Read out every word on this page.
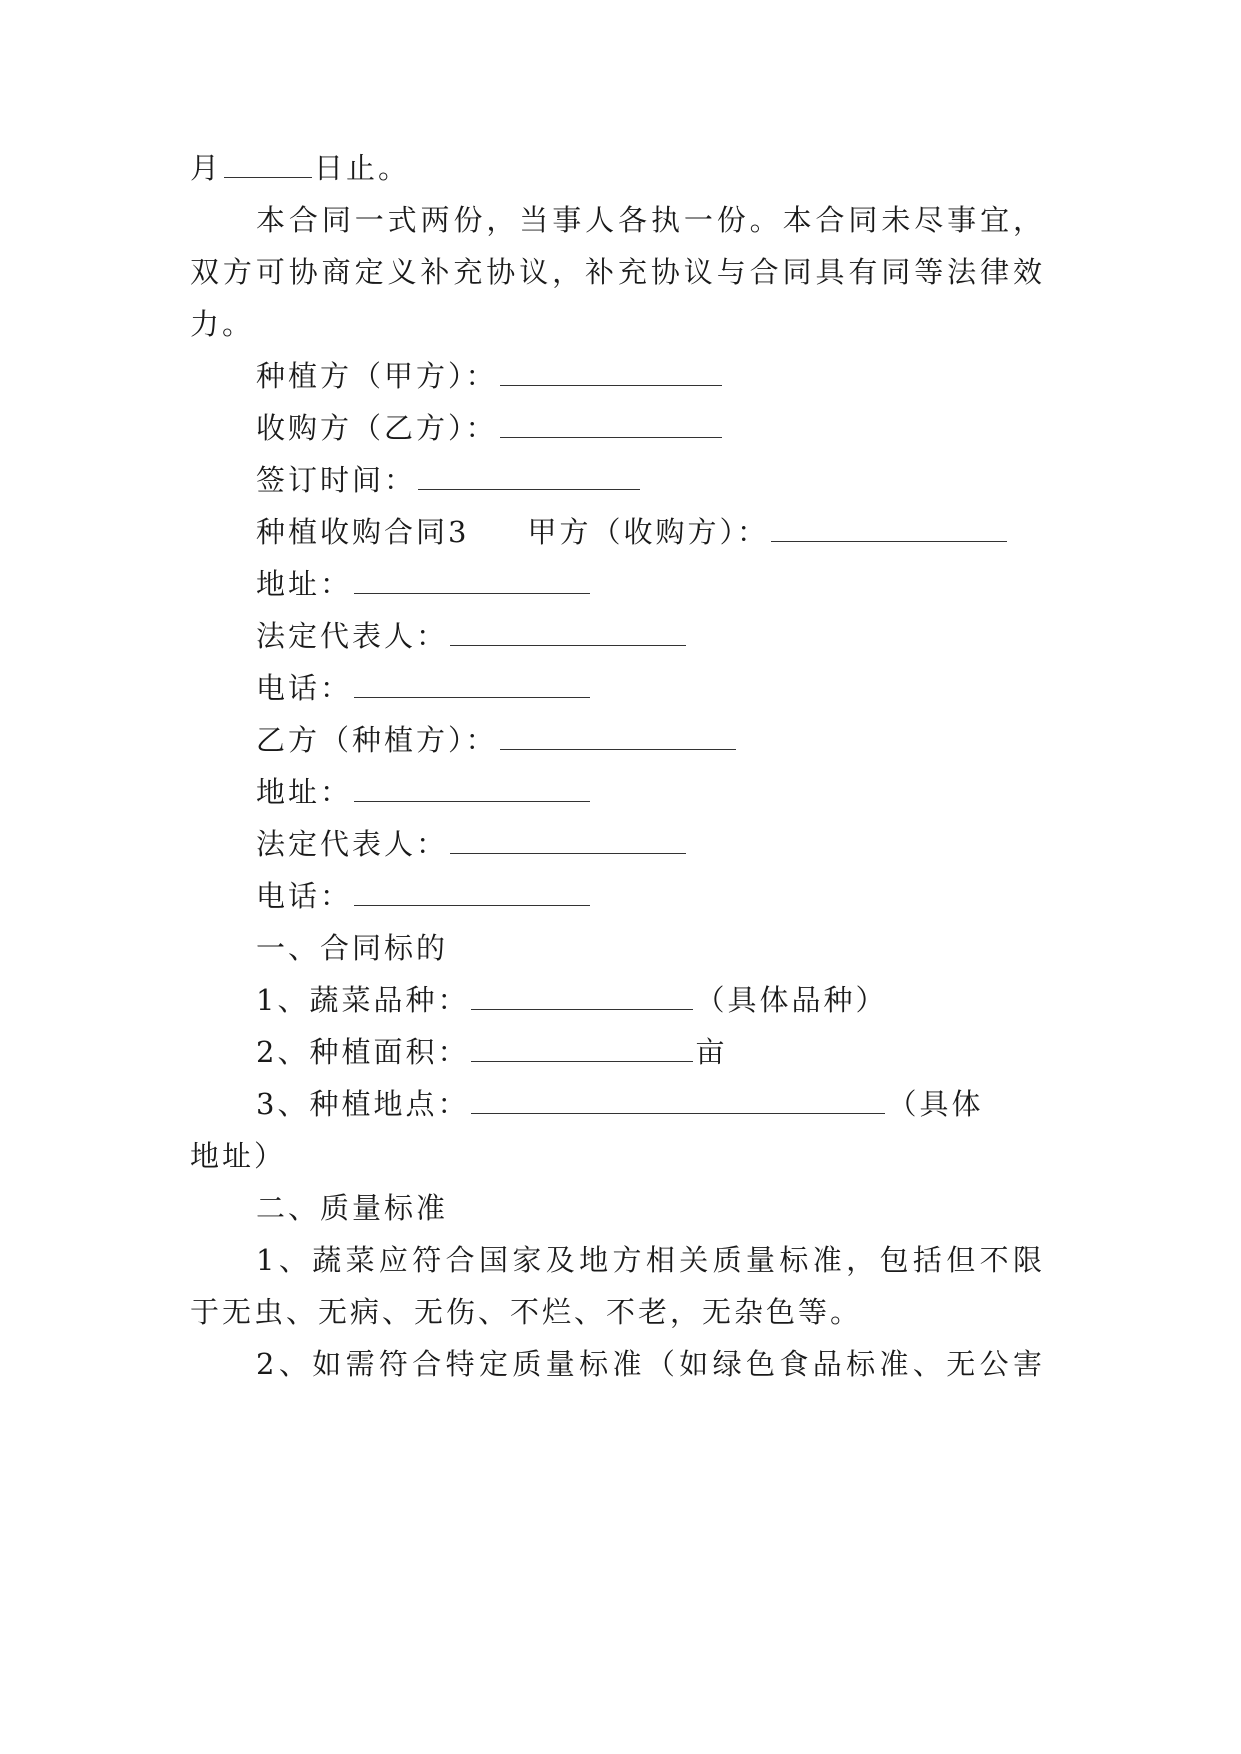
月	日止。
本合同一式两份，当事人各执一份。本合同未尽事宜，
双方可协商定义补充协议，补充协议与合同具有同等法律效
力。
种植方（甲方）：
收购方（乙方）：
签订时间：
种植收购合同3 甲方（收购方）：
地址：
法定代表人：
电话：
乙方（种植方）：
地址：
法定代表人：
电话：
一、合同标的
1、蔬菜品种：	（具体品种）
2、种植面积：	亩
3、种植地点：	（具体
地址）
二、质量标准
1、蔬菜应符合国家及地方相关质量标准，包括但不限
于无虫、无病、无伤、不烂、不老，无杂色等。
2、如需符合特定质量标准（如绿色食品标准、无公害
